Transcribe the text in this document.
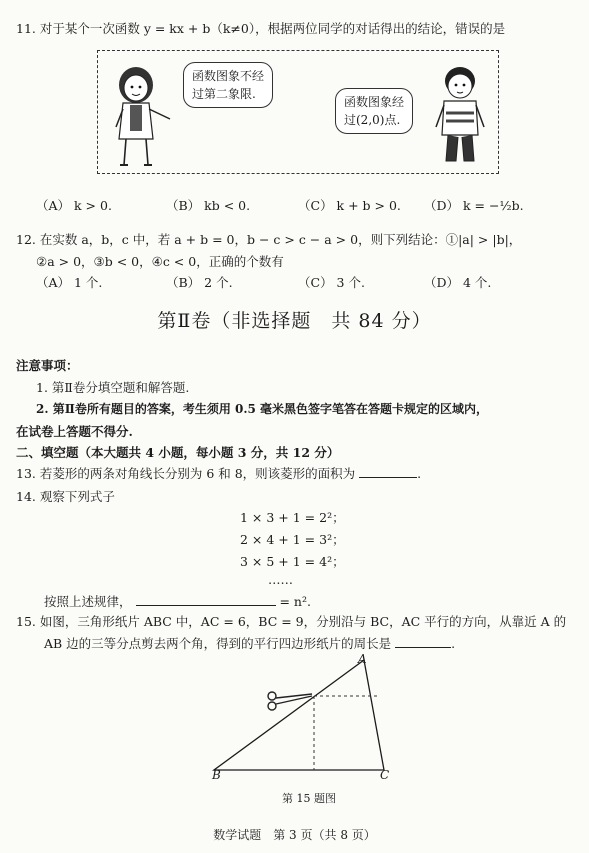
11. 对于某个一次函数 y = kx + b（k≠0），根据两位同学的对话得出的结论，错误的是
函数图象不经
过第二象限.
函数图象经
过(2,0)点.
（A） k > 0.	（B） kb < 0.	（C） k + b > 0. （D） k = −½b.
12. 在实数 a，b，c 中，若 a + b = 0，b − c > c − a > 0，则下列结论：①|a| > |b|，
②a > 0，③b < 0，④c < 0，正确的个数有
（A） 1 个.	（B） 2 个.	（C） 3 个.	（D） 4 个.
第Ⅱ卷（非选择题　共 84 分）
注意事项：
1. 第Ⅱ卷分填空题和解答题.
2. 第Ⅱ卷所有题目的答案，考生须用 0.5 毫米黑色签字笔答在答题卡规定的区域内，
在试卷上答题不得分.
二、填空题（本大题共 4 小题，每小题 3 分，共 12 分）
13. 若菱形的两条对角线长分别为 6 和 8，则该菱形的面积为	.
14. 观察下列式子
1 × 3 + 1 = 2²；
2 × 4 + 1 = 3²；
3 × 5 + 1 = 4²；
……
按照上述规律，	= n².
15. 如图，三角形纸片 ABC 中，AC = 6，BC = 9，分别沿与 BC，AC 平行的方向，从靠近 A 的
AB 边的三等分点剪去两个角，得到的平行四边形纸片的周长是	.
A
B	C
第 15 题图
数学试题　第 3 页（共 8 页）
